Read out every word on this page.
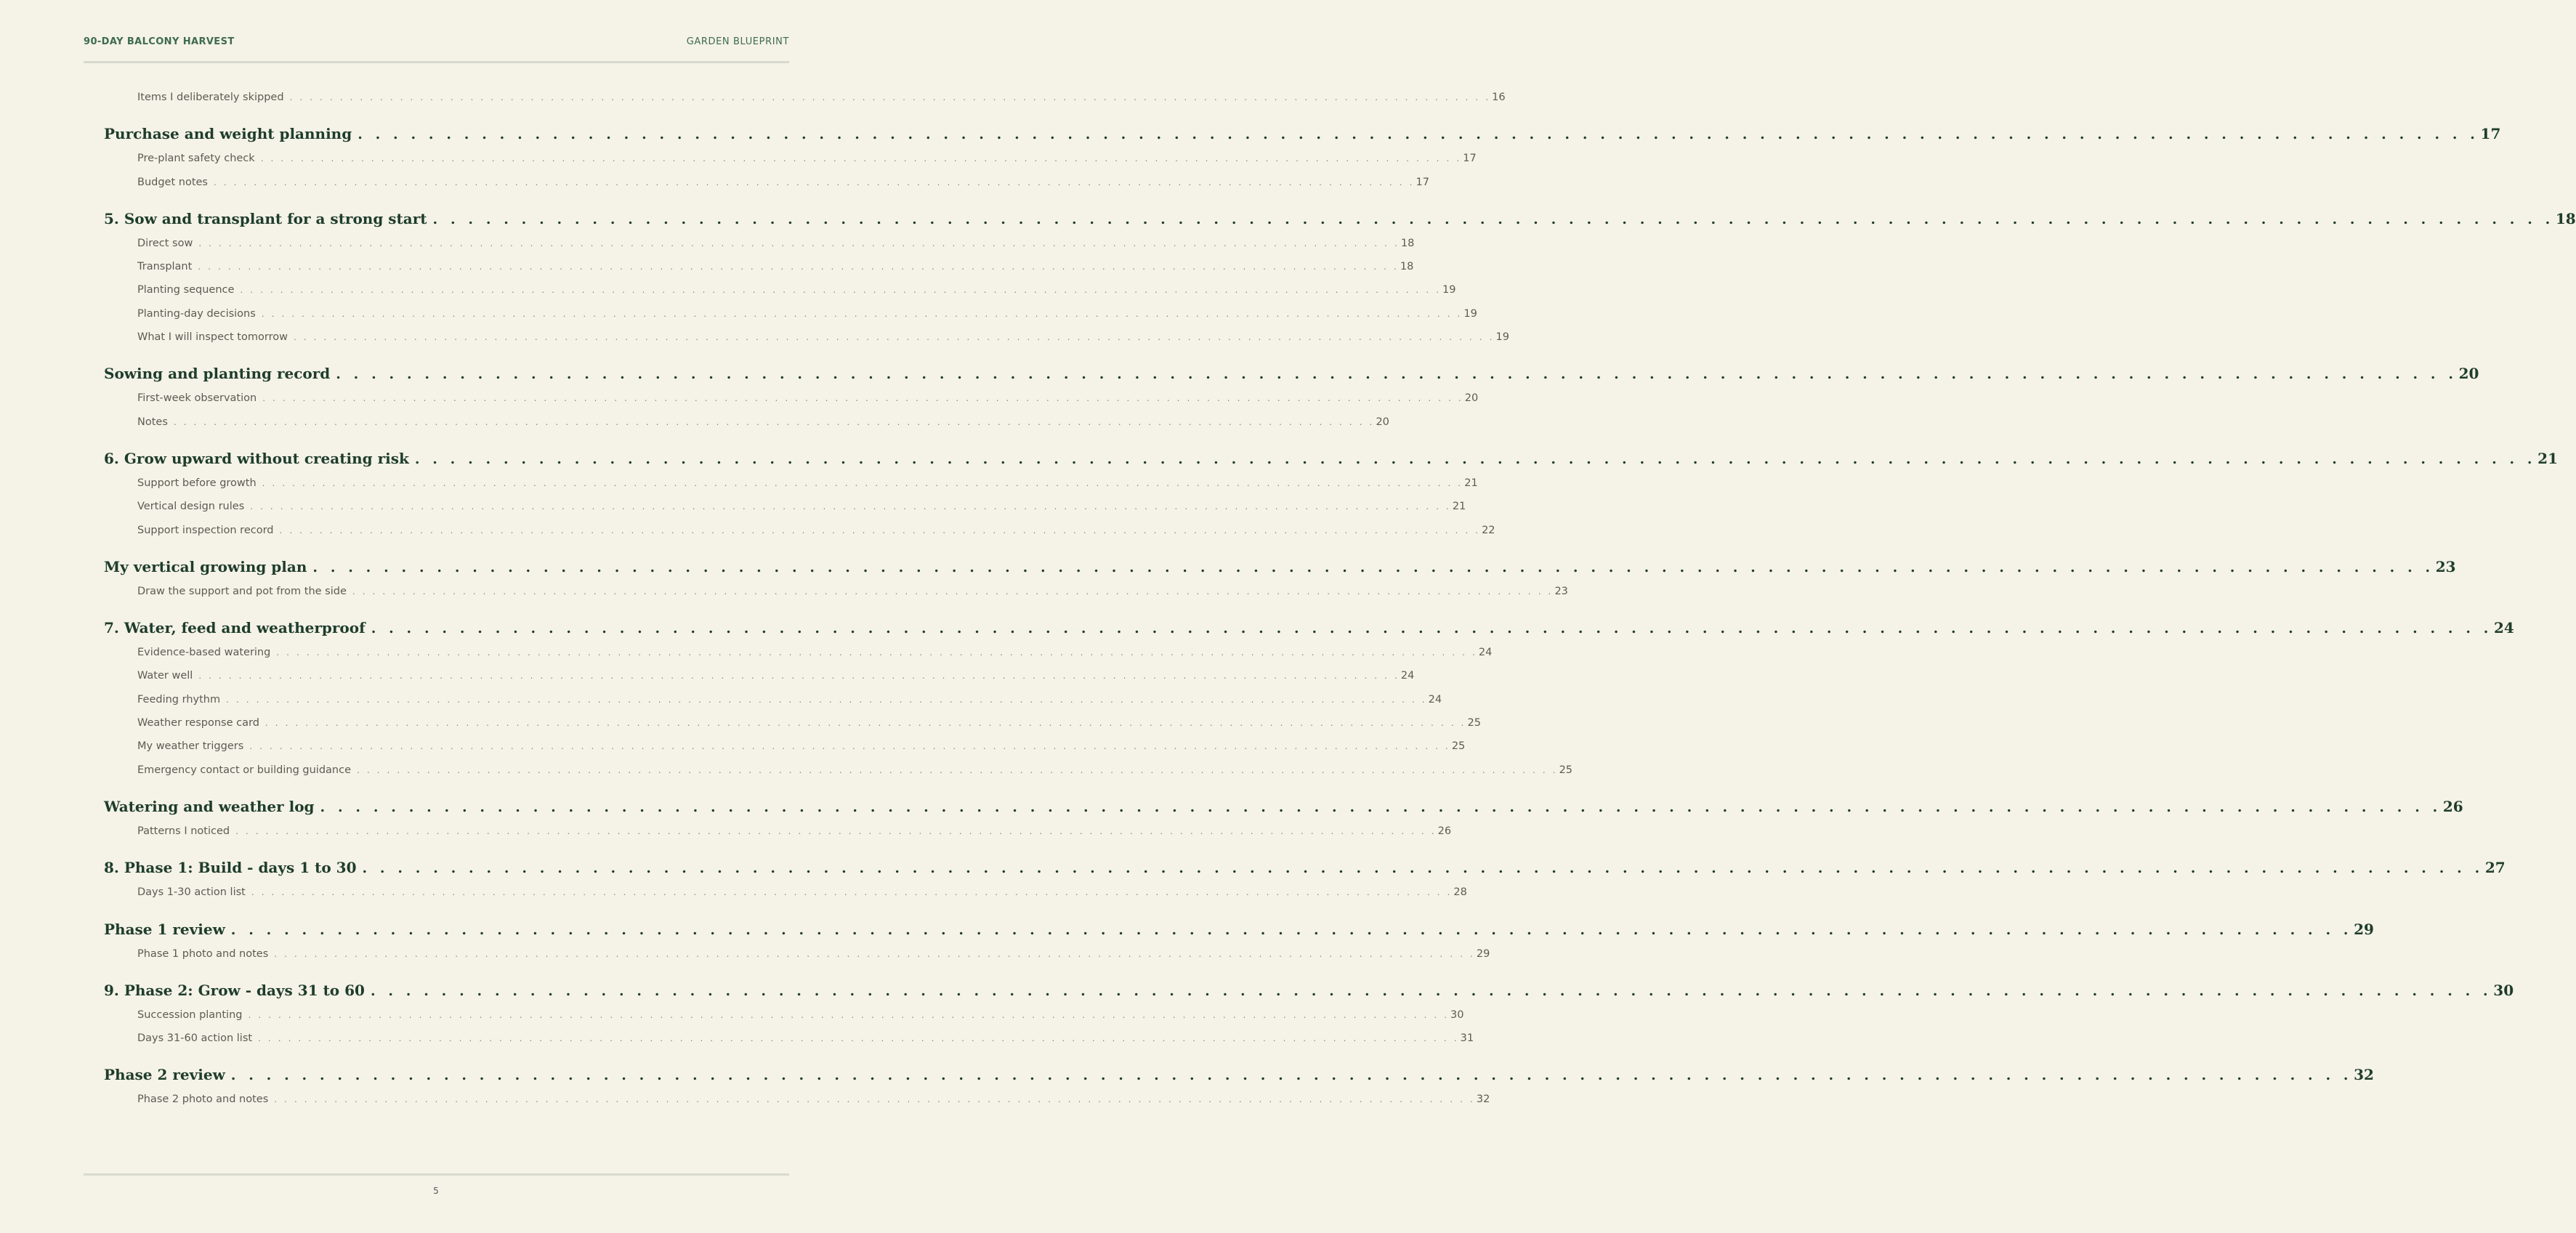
90-DAY BALCONY HARVEST	GARDEN BLUEPRINT
Items I deliberately skipped . . . . . . . . . . . . . . . . . . . . . . . . . . . . . . . . . . . . . . . . . . . . . . . . . . . . . . . . . . . . . . . . . . . . . . . . . . . . . . . . . . . . . . . . . . . . . . . . . . . . . . . . . . . . . . . . . . . . . . . . 16
Purchase and weight planning . . . . . . . . . . . . . . . . . . . . . . . . . . . . . . . . . . . . . . . . . . . . . . . . . . . . . . . . . . . . . . . . . . . . . . . . . . . . . . . . . . . . . . . . . . . . . . . . . . . . . . . . . . . . . . . . . . . . . . . . 17
Pre-plant safety check . . . . . . . . . . . . . . . . . . . . . . . . . . . . . . . . . . . . . . . . . . . . . . . . . . . . . . . . . . . . . . . . . . . . . . . . . . . . . . . . . . . . . . . . . . . . . . . . . . . . . . . . . . . . . . . . . . . . . . . . 17
Budget notes . . . . . . . . . . . . . . . . . . . . . . . . . . . . . . . . . . . . . . . . . . . . . . . . . . . . . . . . . . . . . . . . . . . . . . . . . . . . . . . . . . . . . . . . . . . . . . . . . . . . . . . . . . . . . . . . . . . . . . . . 17
5. Sow and transplant for a strong start . . . . . . . . . . . . . . . . . . . . . . . . . . . . . . . . . . . . . . . . . . . . . . . . . . . . . . . . . . . . . . . . . . . . . . . . . . . . . . . . . . . . . . . . . . . . . . . . . . . . . . . . . . . . . . . . . . . . . . . . 18
Direct sow . . . . . . . . . . . . . . . . . . . . . . . . . . . . . . . . . . . . . . . . . . . . . . . . . . . . . . . . . . . . . . . . . . . . . . . . . . . . . . . . . . . . . . . . . . . . . . . . . . . . . . . . . . . . . . . . . . . . . . . . 18
Transplant . . . . . . . . . . . . . . . . . . . . . . . . . . . . . . . . . . . . . . . . . . . . . . . . . . . . . . . . . . . . . . . . . . . . . . . . . . . . . . . . . . . . . . . . . . . . . . . . . . . . . . . . . . . . . . . . . . . . . . . . 18
Planting sequence . . . . . . . . . . . . . . . . . . . . . . . . . . . . . . . . . . . . . . . . . . . . . . . . . . . . . . . . . . . . . . . . . . . . . . . . . . . . . . . . . . . . . . . . . . . . . . . . . . . . . . . . . . . . . . . . . . . . . . . . 19
Planting-day decisions . . . . . . . . . . . . . . . . . . . . . . . . . . . . . . . . . . . . . . . . . . . . . . . . . . . . . . . . . . . . . . . . . . . . . . . . . . . . . . . . . . . . . . . . . . . . . . . . . . . . . . . . . . . . . . . . . . . . . . . . 19
What I will inspect tomorrow . . . . . . . . . . . . . . . . . . . . . . . . . . . . . . . . . . . . . . . . . . . . . . . . . . . . . . . . . . . . . . . . . . . . . . . . . . . . . . . . . . . . . . . . . . . . . . . . . . . . . . . . . . . . . . . . . . . . . . . . 19
Sowing and planting record . . . . . . . . . . . . . . . . . . . . . . . . . . . . . . . . . . . . . . . . . . . . . . . . . . . . . . . . . . . . . . . . . . . . . . . . . . . . . . . . . . . . . . . . . . . . . . . . . . . . . . . . . . . . . . . . . . . . . . . . 20
First-week observation . . . . . . . . . . . . . . . . . . . . . . . . . . . . . . . . . . . . . . . . . . . . . . . . . . . . . . . . . . . . . . . . . . . . . . . . . . . . . . . . . . . . . . . . . . . . . . . . . . . . . . . . . . . . . . . . . . . . . . . . 20
Notes . . . . . . . . . . . . . . . . . . . . . . . . . . . . . . . . . . . . . . . . . . . . . . . . . . . . . . . . . . . . . . . . . . . . . . . . . . . . . . . . . . . . . . . . . . . . . . . . . . . . . . . . . . . . . . . . . . . . . . . . 20
6. Grow upward without creating risk . . . . . . . . . . . . . . . . . . . . . . . . . . . . . . . . . . . . . . . . . . . . . . . . . . . . . . . . . . . . . . . . . . . . . . . . . . . . . . . . . . . . . . . . . . . . . . . . . . . . . . . . . . . . . . . . . . . . . . . . 21
Support before growth . . . . . . . . . . . . . . . . . . . . . . . . . . . . . . . . . . . . . . . . . . . . . . . . . . . . . . . . . . . . . . . . . . . . . . . . . . . . . . . . . . . . . . . . . . . . . . . . . . . . . . . . . . . . . . . . . . . . . . . . 21
Vertical design rules . . . . . . . . . . . . . . . . . . . . . . . . . . . . . . . . . . . . . . . . . . . . . . . . . . . . . . . . . . . . . . . . . . . . . . . . . . . . . . . . . . . . . . . . . . . . . . . . . . . . . . . . . . . . . . . . . . . . . . . . 21
Support inspection record . . . . . . . . . . . . . . . . . . . . . . . . . . . . . . . . . . . . . . . . . . . . . . . . . . . . . . . . . . . . . . . . . . . . . . . . . . . . . . . . . . . . . . . . . . . . . . . . . . . . . . . . . . . . . . . . . . . . . . . . 22
My vertical growing plan . . . . . . . . . . . . . . . . . . . . . . . . . . . . . . . . . . . . . . . . . . . . . . . . . . . . . . . . . . . . . . . . . . . . . . . . . . . . . . . . . . . . . . . . . . . . . . . . . . . . . . . . . . . . . . . . . . . . . . . . 23
Draw the support and pot from the side . . . . . . . . . . . . . . . . . . . . . . . . . . . . . . . . . . . . . . . . . . . . . . . . . . . . . . . . . . . . . . . . . . . . . . . . . . . . . . . . . . . . . . . . . . . . . . . . . . . . . . . . . . . . . . . . . . . . . . . . 23
7. Water, feed and weatherproof . . . . . . . . . . . . . . . . . . . . . . . . . . . . . . . . . . . . . . . . . . . . . . . . . . . . . . . . . . . . . . . . . . . . . . . . . . . . . . . . . . . . . . . . . . . . . . . . . . . . . . . . . . . . . . . . . . . . . . . . 24
Evidence-based watering . . . . . . . . . . . . . . . . . . . . . . . . . . . . . . . . . . . . . . . . . . . . . . . . . . . . . . . . . . . . . . . . . . . . . . . . . . . . . . . . . . . . . . . . . . . . . . . . . . . . . . . . . . . . . . . . . . . . . . . . 24
Water well . . . . . . . . . . . . . . . . . . . . . . . . . . . . . . . . . . . . . . . . . . . . . . . . . . . . . . . . . . . . . . . . . . . . . . . . . . . . . . . . . . . . . . . . . . . . . . . . . . . . . . . . . . . . . . . . . . . . . . . . 24
Feeding rhythm . . . . . . . . . . . . . . . . . . . . . . . . . . . . . . . . . . . . . . . . . . . . . . . . . . . . . . . . . . . . . . . . . . . . . . . . . . . . . . . . . . . . . . . . . . . . . . . . . . . . . . . . . . . . . . . . . . . . . . . . 24
Weather response card . . . . . . . . . . . . . . . . . . . . . . . . . . . . . . . . . . . . . . . . . . . . . . . . . . . . . . . . . . . . . . . . . . . . . . . . . . . . . . . . . . . . . . . . . . . . . . . . . . . . . . . . . . . . . . . . . . . . . . . . 25
My weather triggers . . . . . . . . . . . . . . . . . . . . . . . . . . . . . . . . . . . . . . . . . . . . . . . . . . . . . . . . . . . . . . . . . . . . . . . . . . . . . . . . . . . . . . . . . . . . . . . . . . . . . . . . . . . . . . . . . . . . . . . . 25
Emergency contact or building guidance . . . . . . . . . . . . . . . . . . . . . . . . . . . . . . . . . . . . . . . . . . . . . . . . . . . . . . . . . . . . . . . . . . . . . . . . . . . . . . . . . . . . . . . . . . . . . . . . . . . . . . . . . . . . . . . . . . . . . . . . 25
Watering and weather log . . . . . . . . . . . . . . . . . . . . . . . . . . . . . . . . . . . . . . . . . . . . . . . . . . . . . . . . . . . . . . . . . . . . . . . . . . . . . . . . . . . . . . . . . . . . . . . . . . . . . . . . . . . . . . . . . . . . . . . . 26
Patterns I noticed . . . . . . . . . . . . . . . . . . . . . . . . . . . . . . . . . . . . . . . . . . . . . . . . . . . . . . . . . . . . . . . . . . . . . . . . . . . . . . . . . . . . . . . . . . . . . . . . . . . . . . . . . . . . . . . . . . . . . . . . 26
8. Phase 1: Build - days 1 to 30 . . . . . . . . . . . . . . . . . . . . . . . . . . . . . . . . . . . . . . . . . . . . . . . . . . . . . . . . . . . . . . . . . . . . . . . . . . . . . . . . . . . . . . . . . . . . . . . . . . . . . . . . . . . . . . . . . . . . . . . . 27
Days 1-30 action list . . . . . . . . . . . . . . . . . . . . . . . . . . . . . . . . . . . . . . . . . . . . . . . . . . . . . . . . . . . . . . . . . . . . . . . . . . . . . . . . . . . . . . . . . . . . . . . . . . . . . . . . . . . . . . . . . . . . . . . . 28
Phase 1 review . . . . . . . . . . . . . . . . . . . . . . . . . . . . . . . . . . . . . . . . . . . . . . . . . . . . . . . . . . . . . . . . . . . . . . . . . . . . . . . . . . . . . . . . . . . . . . . . . . . . . . . . . . . . . . . . . . . . . . . . 29
Phase 1 photo and notes . . . . . . . . . . . . . . . . . . . . . . . . . . . . . . . . . . . . . . . . . . . . . . . . . . . . . . . . . . . . . . . . . . . . . . . . . . . . . . . . . . . . . . . . . . . . . . . . . . . . . . . . . . . . . . . . . . . . . . . . 29
9. Phase 2: Grow - days 31 to 60 . . . . . . . . . . . . . . . . . . . . . . . . . . . . . . . . . . . . . . . . . . . . . . . . . . . . . . . . . . . . . . . . . . . . . . . . . . . . . . . . . . . . . . . . . . . . . . . . . . . . . . . . . . . . . . . . . . . . . . . . 30
Succession planting . . . . . . . . . . . . . . . . . . . . . . . . . . . . . . . . . . . . . . . . . . . . . . . . . . . . . . . . . . . . . . . . . . . . . . . . . . . . . . . . . . . . . . . . . . . . . . . . . . . . . . . . . . . . . . . . . . . . . . . . 30
Days 31-60 action list . . . . . . . . . . . . . . . . . . . . . . . . . . . . . . . . . . . . . . . . . . . . . . . . . . . . . . . . . . . . . . . . . . . . . . . . . . . . . . . . . . . . . . . . . . . . . . . . . . . . . . . . . . . . . . . . . . . . . . . . 31
Phase 2 review . . . . . . . . . . . . . . . . . . . . . . . . . . . . . . . . . . . . . . . . . . . . . . . . . . . . . . . . . . . . . . . . . . . . . . . . . . . . . . . . . . . . . . . . . . . . . . . . . . . . . . . . . . . . . . . . . . . . . . . . 32
Phase 2 photo and notes . . . . . . . . . . . . . . . . . . . . . . . . . . . . . . . . . . . . . . . . . . . . . . . . . . . . . . . . . . . . . . . . . . . . . . . . . . . . . . . . . . . . . . . . . . . . . . . . . . . . . . . . . . . . . . . . . . . . . . . . 32
5
